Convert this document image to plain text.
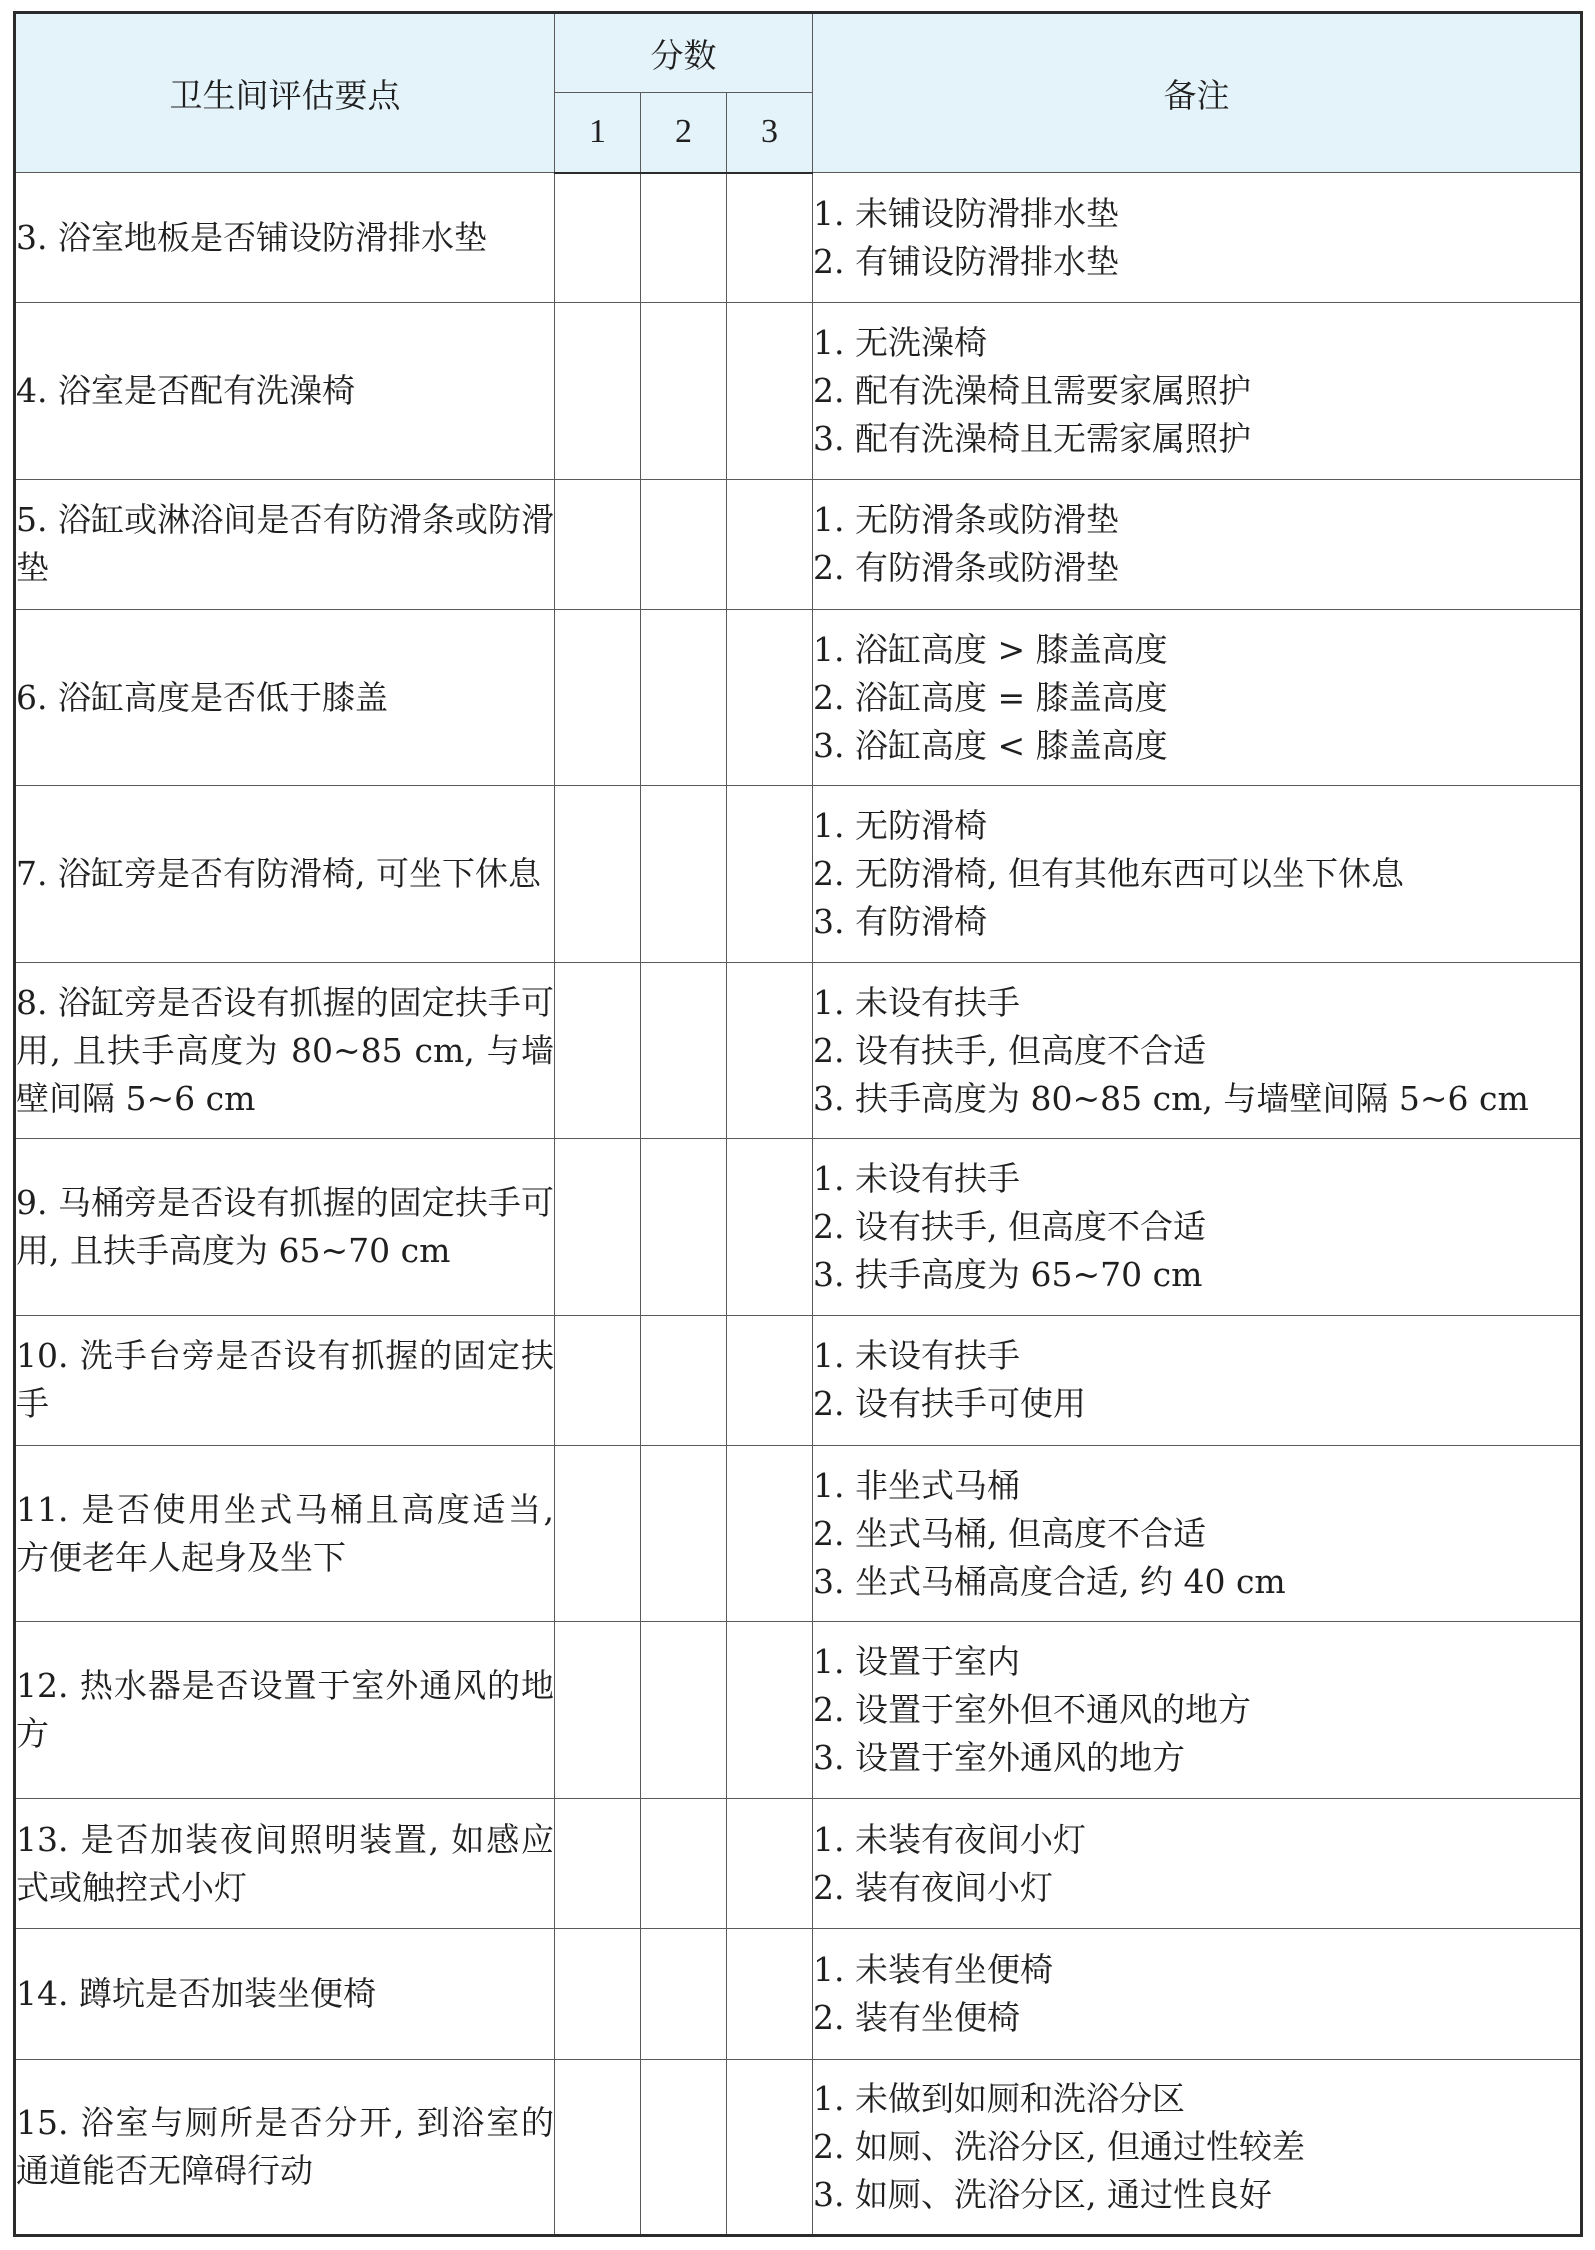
卫生间评估要点	分数			备注
	1	2	3	
3. 浴室地板是否铺设防滑排水垫				1. 未铺设防滑排水垫
2. 有铺设防滑排水垫

4. 浴室是否配有洗澡椅				1. 无洗澡椅
2. 配有洗澡椅且需要家属照护
3. 配有洗澡椅且无需家属照护

5. 浴缸或淋浴间是否有防滑条或防滑垫				1. 无防滑条或防滑垫
2. 有防滑条或防滑垫

6. 浴缸高度是否低于膝盖				1. 浴缸高度 > 膝盖高度
2. 浴缸高度 = 膝盖高度
3. 浴缸高度 < 膝盖高度

7. 浴缸旁是否有防滑椅, 可坐下休息				1. 无防滑椅
2. 无防滑椅, 但有其他东西可以坐下休息
3. 有防滑椅

8. 浴缸旁是否设有抓握的固定扶手可用, 且扶手高度为 80~85 cm, 与墙壁间隔 5~6 cm				1. 未设有扶手
2. 设有扶手, 但高度不合适
3. 扶手高度为 80~85 cm, 与墙壁间隔 5~6 cm

9. 马桶旁是否设有抓握的固定扶手可用, 且扶手高度为 65~70 cm				1. 未设有扶手
2. 设有扶手, 但高度不合适
3. 扶手高度为 65~70 cm

10. 洗手台旁是否设有抓握的固定扶手				1. 未设有扶手
2. 设有扶手可使用

11. 是否使用坐式马桶且高度适当, 方便老年人起身及坐下				1. 非坐式马桶
2. 坐式马桶, 但高度不合适
3. 坐式马桶高度合适, 约 40 cm

12. 热水器是否设置于室外通风的地方				1. 设置于室内
2. 设置于室外但不通风的地方
3. 设置于室外通风的地方

13. 是否加装夜间照明装置, 如感应式或触控式小灯				1. 未装有夜间小灯
2. 装有夜间小灯

14. 蹲坑是否加装坐便椅				1. 未装有坐便椅
2. 装有坐便椅

15. 浴室与厕所是否分开, 到浴室的通道能否无障碍行动				1. 未做到如厕和洗浴分区
2. 如厕、洗浴分区, 但通过性较差
3. 如厕、洗浴分区, 通过性良好
